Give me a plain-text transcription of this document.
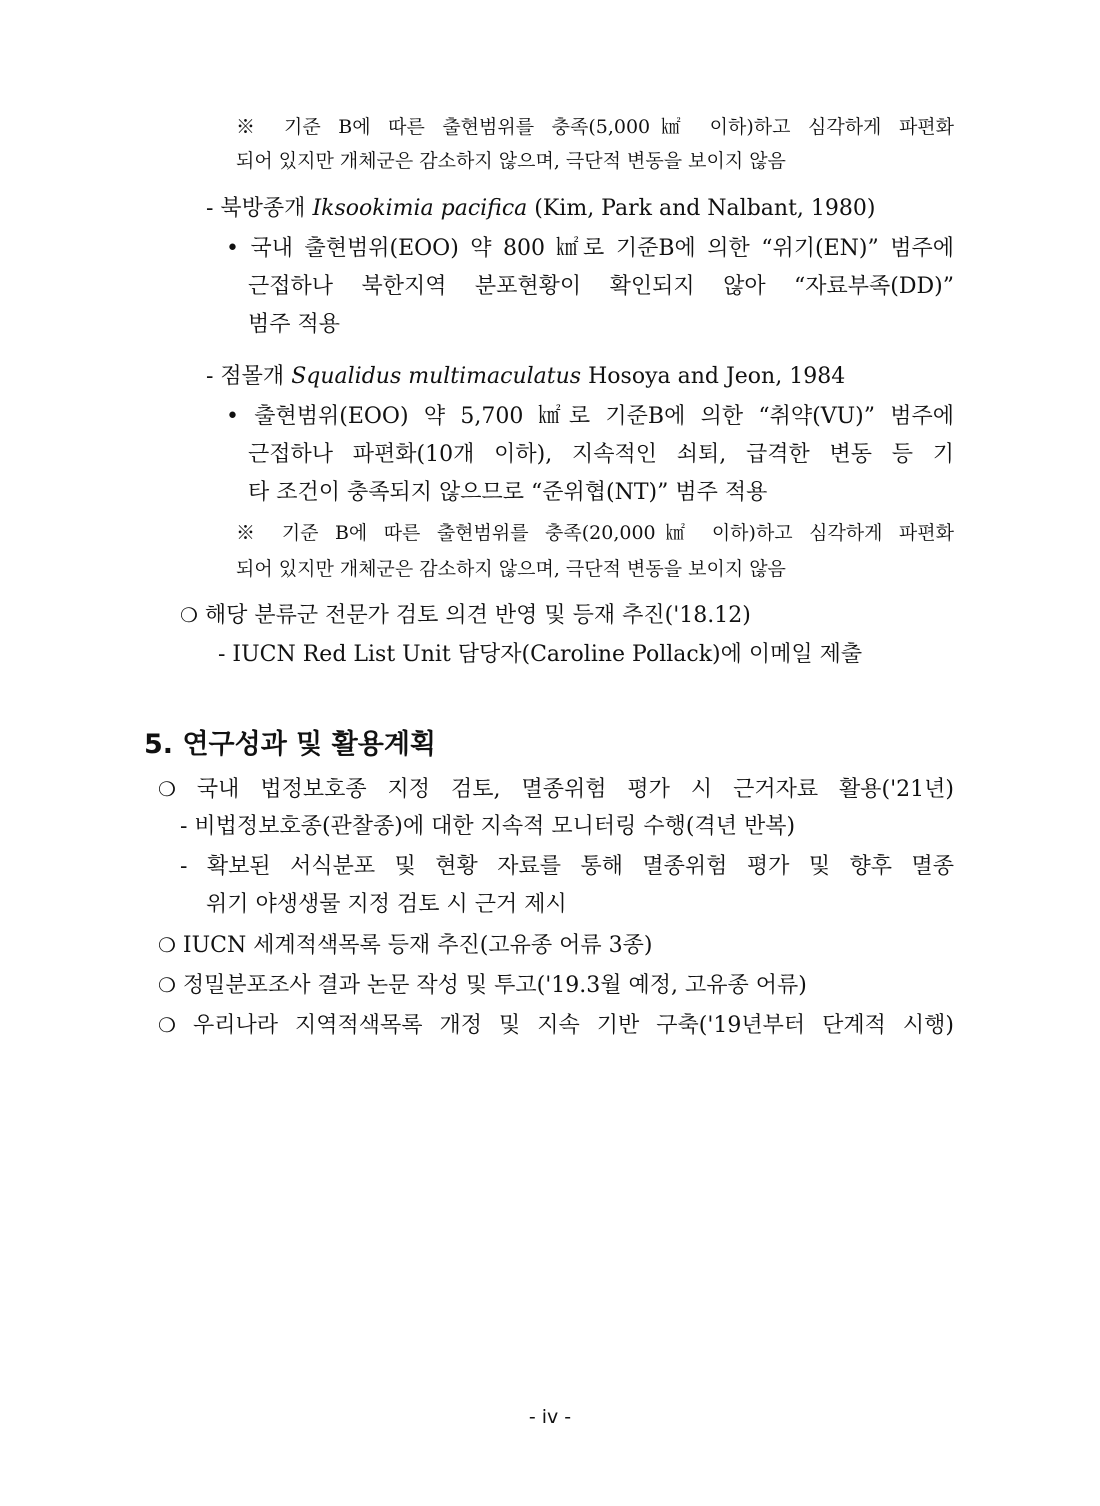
※ 기준 B에 따른 출현범위를 충족(5,000㎢ 이하)하고 심각하게 파편화
되어 있지만 개체군은 감소하지 않으며, 극단적 변동을 보이지 않음
- 북방종개 Iksookimia pacifica (Kim, Park and Nalbant, 1980)
• 국내 출현범위(EOO) 약 800 ㎢로 기준B에 의한 “위기(EN)” 범주에
근접하나 북한지역 분포현황이 확인되지 않아 “자료부족(DD)”
범주 적용
- 점몰개 Squalidus multimaculatus Hosoya and Jeon, 1984
• 출현범위(EOO) 약 5,700 ㎢로 기준B에 의한 “취약(VU)” 범주에
근접하나 파편화(10개 이하), 지속적인 쇠퇴, 급격한 변동 등 기
타 조건이 충족되지 않으므로 “준위협(NT)” 범주 적용
※ 기준 B에 따른 출현범위를 충족(20,000㎢ 이하)하고 심각하게 파편화
되어 있지만 개체군은 감소하지 않으며, 극단적 변동을 보이지 않음
❍ 해당 분류군 전문가 검토 의견 반영 및 등재 추진('18.12)
- IUCN Red List Unit 담당자(Caroline Pollack)에 이메일 제출
5. 연구성과 및 활용계획
❍ 국내 법정보호종 지정 검토, 멸종위험 평가 시 근거자료 활용('21년)
- 비법정보호종(관찰종)에 대한 지속적 모니터링 수행(격년 반복)
- 확보된 서식분포 및 현황 자료를 통해 멸종위험 평가 및 향후 멸종
위기 야생생물 지정 검토 시 근거 제시
❍ IUCN 세계적색목록 등재 추진(고유종 어류 3종)
❍ 정밀분포조사 결과 논문 작성 및 투고('19.3월 예정, 고유종 어류)
❍ 우리나라 지역적색목록 개정 및 지속 기반 구축('19년부터 단계적 시행)
- iv -
